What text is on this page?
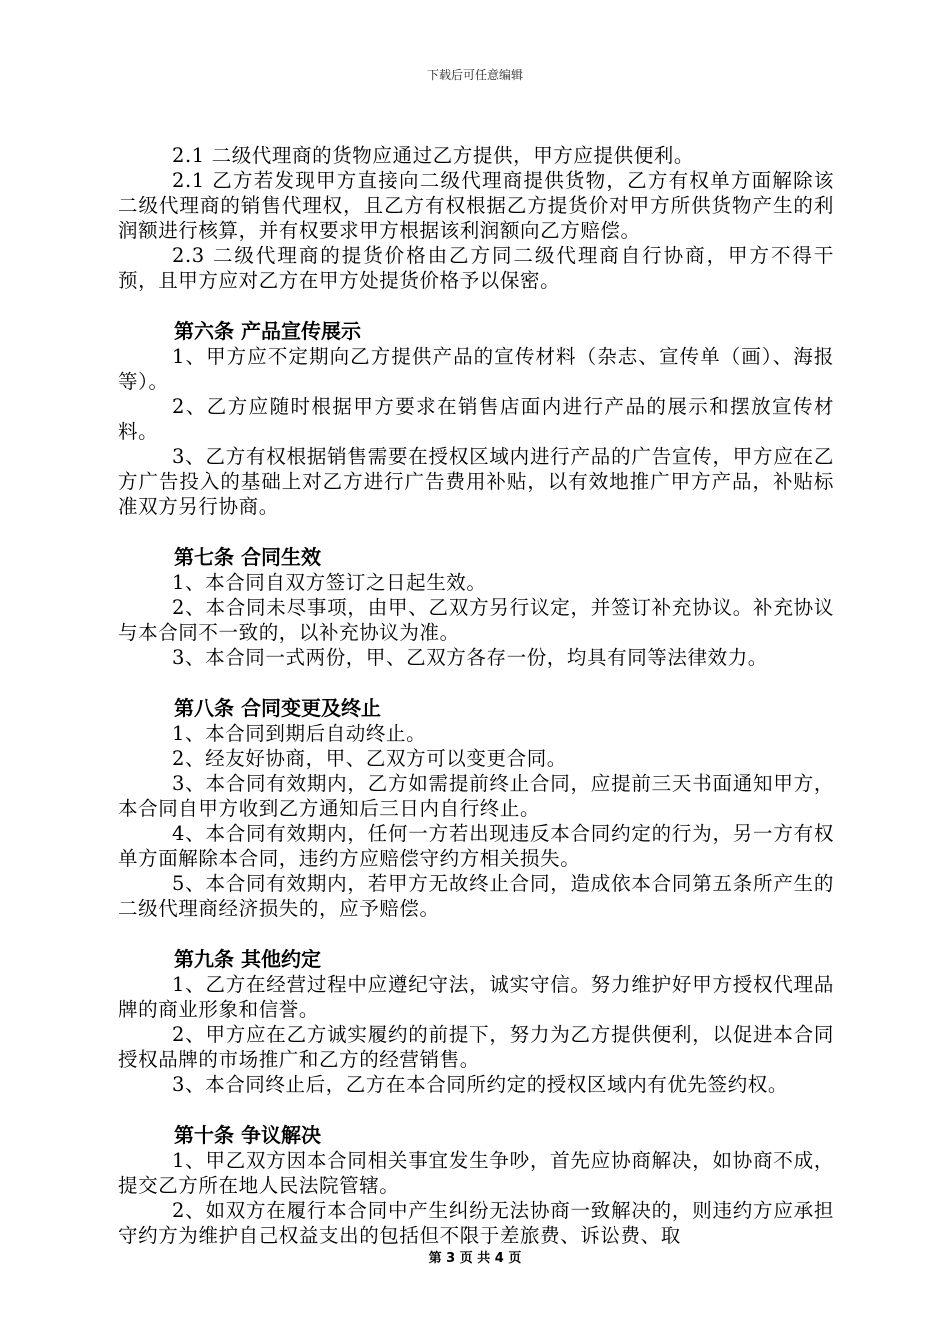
下载后可任意编辑

2.1 二级代理商的货物应通过乙方提供，甲方应提供便利。

2.1 乙方若发现甲方直接向二级代理商提供货物，乙方有权单方面解除该二级代理商的销售代理权，且乙方有权根据乙方提货价对甲方所供货物产生的利润额进行核算，并有权要求甲方根据该利润额向乙方赔偿。

2.3 二级代理商的提货价格由乙方同二级代理商自行协商，甲方不得干预，且甲方应对乙方在甲方处提货价格予以保密。

第六条 产品宣传展示

1、甲方应不定期向乙方提供产品的宣传材料（杂志、宣传单（画）、海报等）。

2、乙方应随时根据甲方要求在销售店面内进行产品的展示和摆放宣传材料。

3、乙方有权根据销售需要在授权区域内进行产品的广告宣传，甲方应在乙方广告投入的基础上对乙方进行广告费用补贴，以有效地推广甲方产品，补贴标准双方另行协商。

第七条 合同生效

1、本合同自双方签订之日起生效。

2、本合同未尽事项，由甲、乙双方另行议定，并签订补充协议。补充协议与本合同不一致的，以补充协议为准。

3、本合同一式两份，甲、乙双方各存一份，均具有同等法律效力。

第八条 合同变更及终止

1、本合同到期后自动终止。

2、经友好协商，甲、乙双方可以变更合同。

3、本合同有效期内，乙方如需提前终止合同，应提前三天书面通知甲方，本合同自甲方收到乙方通知后三日内自行终止。

4、本合同有效期内，任何一方若出现违反本合同约定的行为，另一方有权单方面解除本合同，违约方应赔偿守约方相关损失。

5、本合同有效期内，若甲方无故终止合同，造成依本合同第五条所产生的二级代理商经济损失的，应予赔偿。

第九条 其他约定

1、乙方在经营过程中应遵纪守法，诚实守信。努力维护好甲方授权代理品牌的商业形象和信誉。

2、甲方应在乙方诚实履约的前提下，努力为乙方提供便利，以促进本合同授权品牌的市场推广和乙方的经营销售。

3、本合同终止后，乙方在本合同所约定的授权区域内有优先签约权。

第十条 争议解决

1、甲乙双方因本合同相关事宜发生争吵，首先应协商解决，如协商不成，提交乙方所在地人民法院管辖。

2、如双方在履行本合同中产生纠纷无法协商一致解决的，则违约方应承担守约方为维护自己权益支出的包括但不限于差旅费、诉讼费、取

第 3 页 共 4 页
